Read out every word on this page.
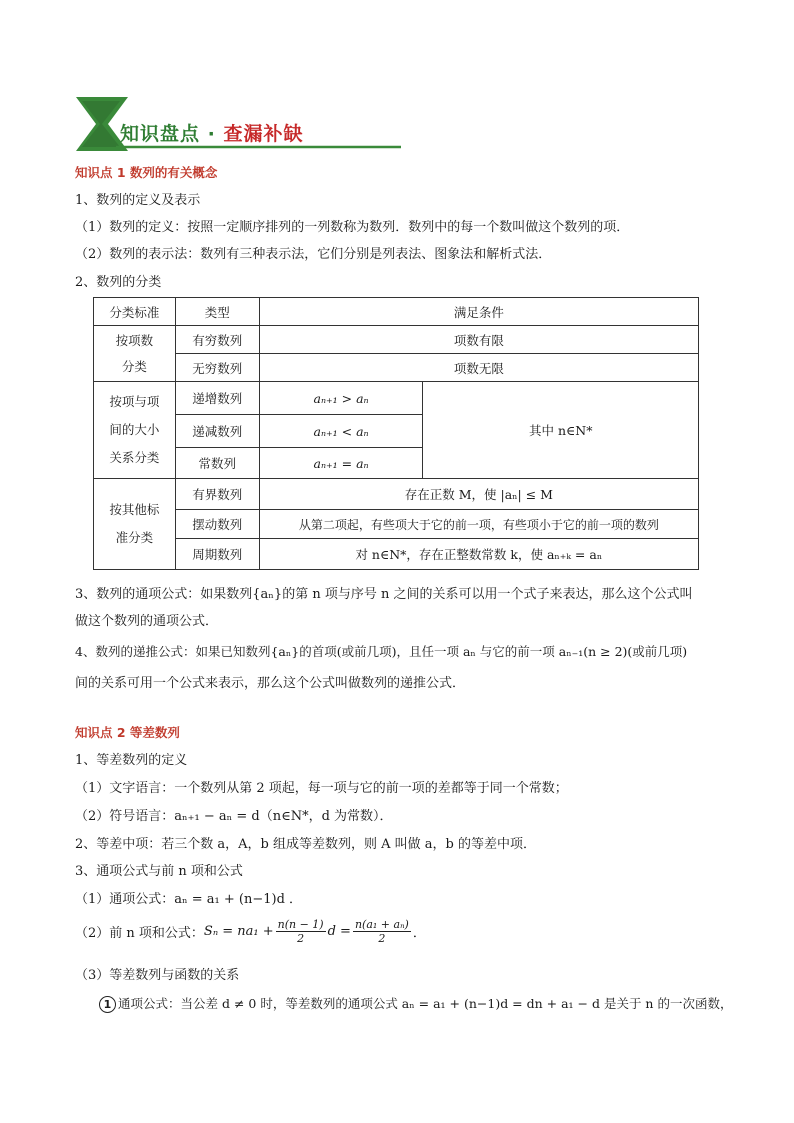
知识盘点 · 查漏补缺
知识点 1 数列的有关概念
1、数列的定义及表示
（1）数列的定义：按照一定顺序排列的一列数称为数列．数列中的每一个数叫做这个数列的项．
（2）数列的表示法：数列有三种表示法，它们分别是列表法、图象法和解析式法．
2、数列的分类
分类标准	类型	满足条件	
按项数
分类	有穷数列	项数有限	
	无穷数列	项数无限	
按项与项
间的大小
关系分类	递增数列	aₙ₊₁ > aₙ	其中 n∈N*
	递减数列	aₙ₊₁ < aₙ	
	常数列	aₙ₊₁ = aₙ	
按其他标
准分类	有界数列	存在正数 M，使 |aₙ| ≤ M	
	摆动数列	从第二项起，有些项大于它的前一项，有些项小于它的前一项的数列	
	周期数列	对 n∈N*，存在正整数常数 k，使 aₙ₊ₖ = aₙ	
3、数列的通项公式：如果数列{aₙ}的第 n 项与序号 n 之间的关系可以用一个式子来表达，那么这个公式叫
做这个数列的通项公式．
4、数列的递推公式：如果已知数列{aₙ}的首项(或前几项)，且任一项 aₙ 与它的前一项 aₙ₋₁(n ≥ 2)(或前几项)
间的关系可用一个公式来表示，那么这个公式叫做数列的递推公式．
知识点 2 等差数列
1、等差数列的定义
（1）文字语言：一个数列从第 2 项起，每一项与它的前一项的差都等于同一个常数；
（2）符号语言：aₙ₊₁ − aₙ = d（n∈N*，d 为常数）．
2、等差中项：若三个数 a，A，b 组成等差数列，则 A 叫做 a，b 的等差中项．
3、通项公式与前 n 项和公式
（1）通项公式：aₙ = a₁ + (n−1)d ．
（2）前 n 项和公式： $S_n = na_1 + \frac{n(n - 1)}{2}$ $d = \frac{\text{n(a₁ + aₙ)}}{2}$ ．
（3）等差数列与函数的关系
1 通项公式：当公差 d ≠ 0 时，等差数列的通项公式 aₙ = a₁ + (n−1)d = dn + a₁ − d 是关于 n 的一次函数，
